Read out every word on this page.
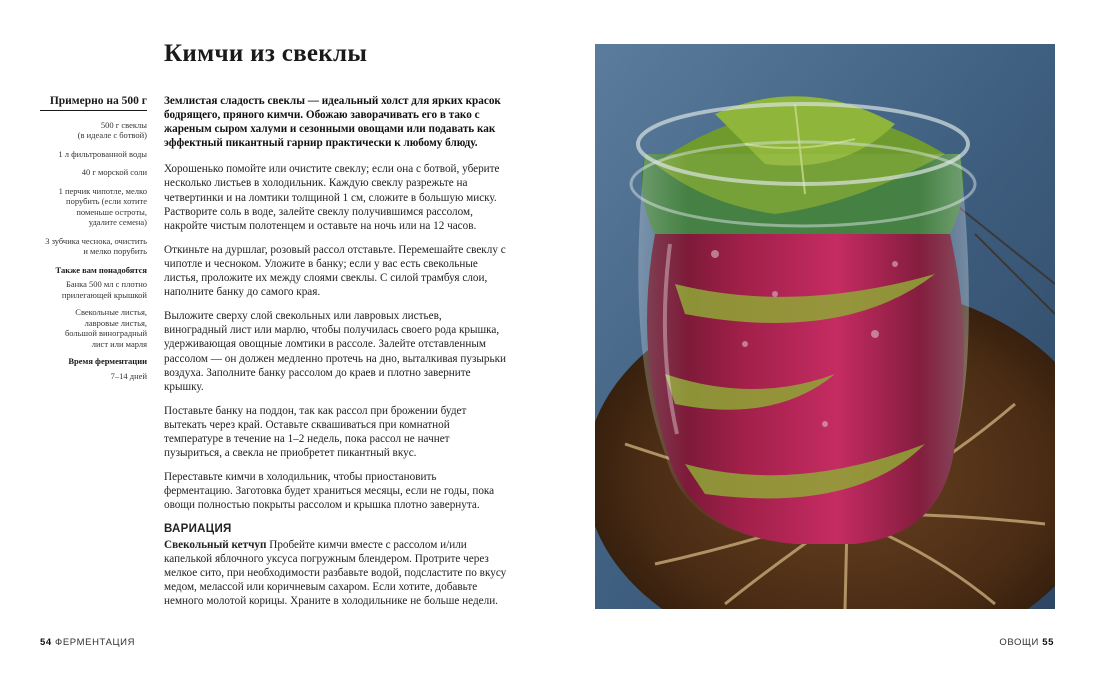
Кимчи из свеклы
Примерно на 500 г
500 г свеклы
(в идеале с ботвой)
1 л фильтрованной воды
40 г морской соли
1 перчик чипотле, мелко
порубить (если хотите
поменьше остроты,
удалите семена)
3 зубчика чеснока, очистить
и мелко порубить
Также вам понадобятся
Банка 500 мл с плотно
прилегающей крышкой
Свекольные листья,
лавровые листья,
большой виноградный
лист или марля
Время ферментации
7–14 дней

Землистая сладость свеклы — идеальный холст для ярких красок бодрящего, пряного кимчи. Обожаю заворачивать его в тако с жареным сыром халуми и сезонными овощами или подавать как эффектный пикантный гарнир практически к любому блюду.

Хорошенько помойте или очистите свеклу; если она с ботвой, уберите несколько листьев в холодильник. Каждую свеклу разрежьте на четвертинки и на ломтики толщиной 1 см, сложите в большую миску. Растворите соль в воде, залейте свеклу получившимся рассолом, накройте чистым полотенцем и оставьте на ночь или на 12 часов.

Откиньте на дуршлаг, розовый рассол отставьте. Перемешайте свеклу с чипотле и чесноком. Уложите в банку; если у вас есть свекольные листья, проложите их между слоями свеклы. С силой трамбуя слои, наполните банку до самого края.

Выложите сверху слой свекольных или лавровых листьев, виноградный лист или марлю, чтобы получилась своего рода крышка, удерживающая овощные ломтики в рассоле. Залейте отставленным рассолом — он должен медленно протечь на дно, выталкивая пузырьки воздуха. Заполните банку рассолом до краев и плотно заверните крышку.

Поставьте банку на поддон, так как рассол при брожении будет вытекать через край. Оставьте сквашиваться при комнатной температуре в течение на 1–2 недель, пока рассол не начнет пузыриться, а свекла не приобретет пикантный вкус.

Переставьте кимчи в холодильник, чтобы приостановить ферментацию. Заготовка будет храниться месяцы, если не годы, пока овощи полностью покрыты рассолом и крышка плотно завернута.

ВАРИАЦИЯ

Свекольный кетчуп Пробейте кимчи вместе с рассолом и/или капелькой яблочного уксуса погружным блендером. Протрите через мелкое сито, при необходимости разбавьте водой, подсластите по вкусу медом, мелассой или коричневым сахаром. Если хотите, добавьте немного молотой корицы. Храните в холодильнике не больше недели.

54 ФЕРМЕНТАЦИЯ	ОВОЩИ 55
